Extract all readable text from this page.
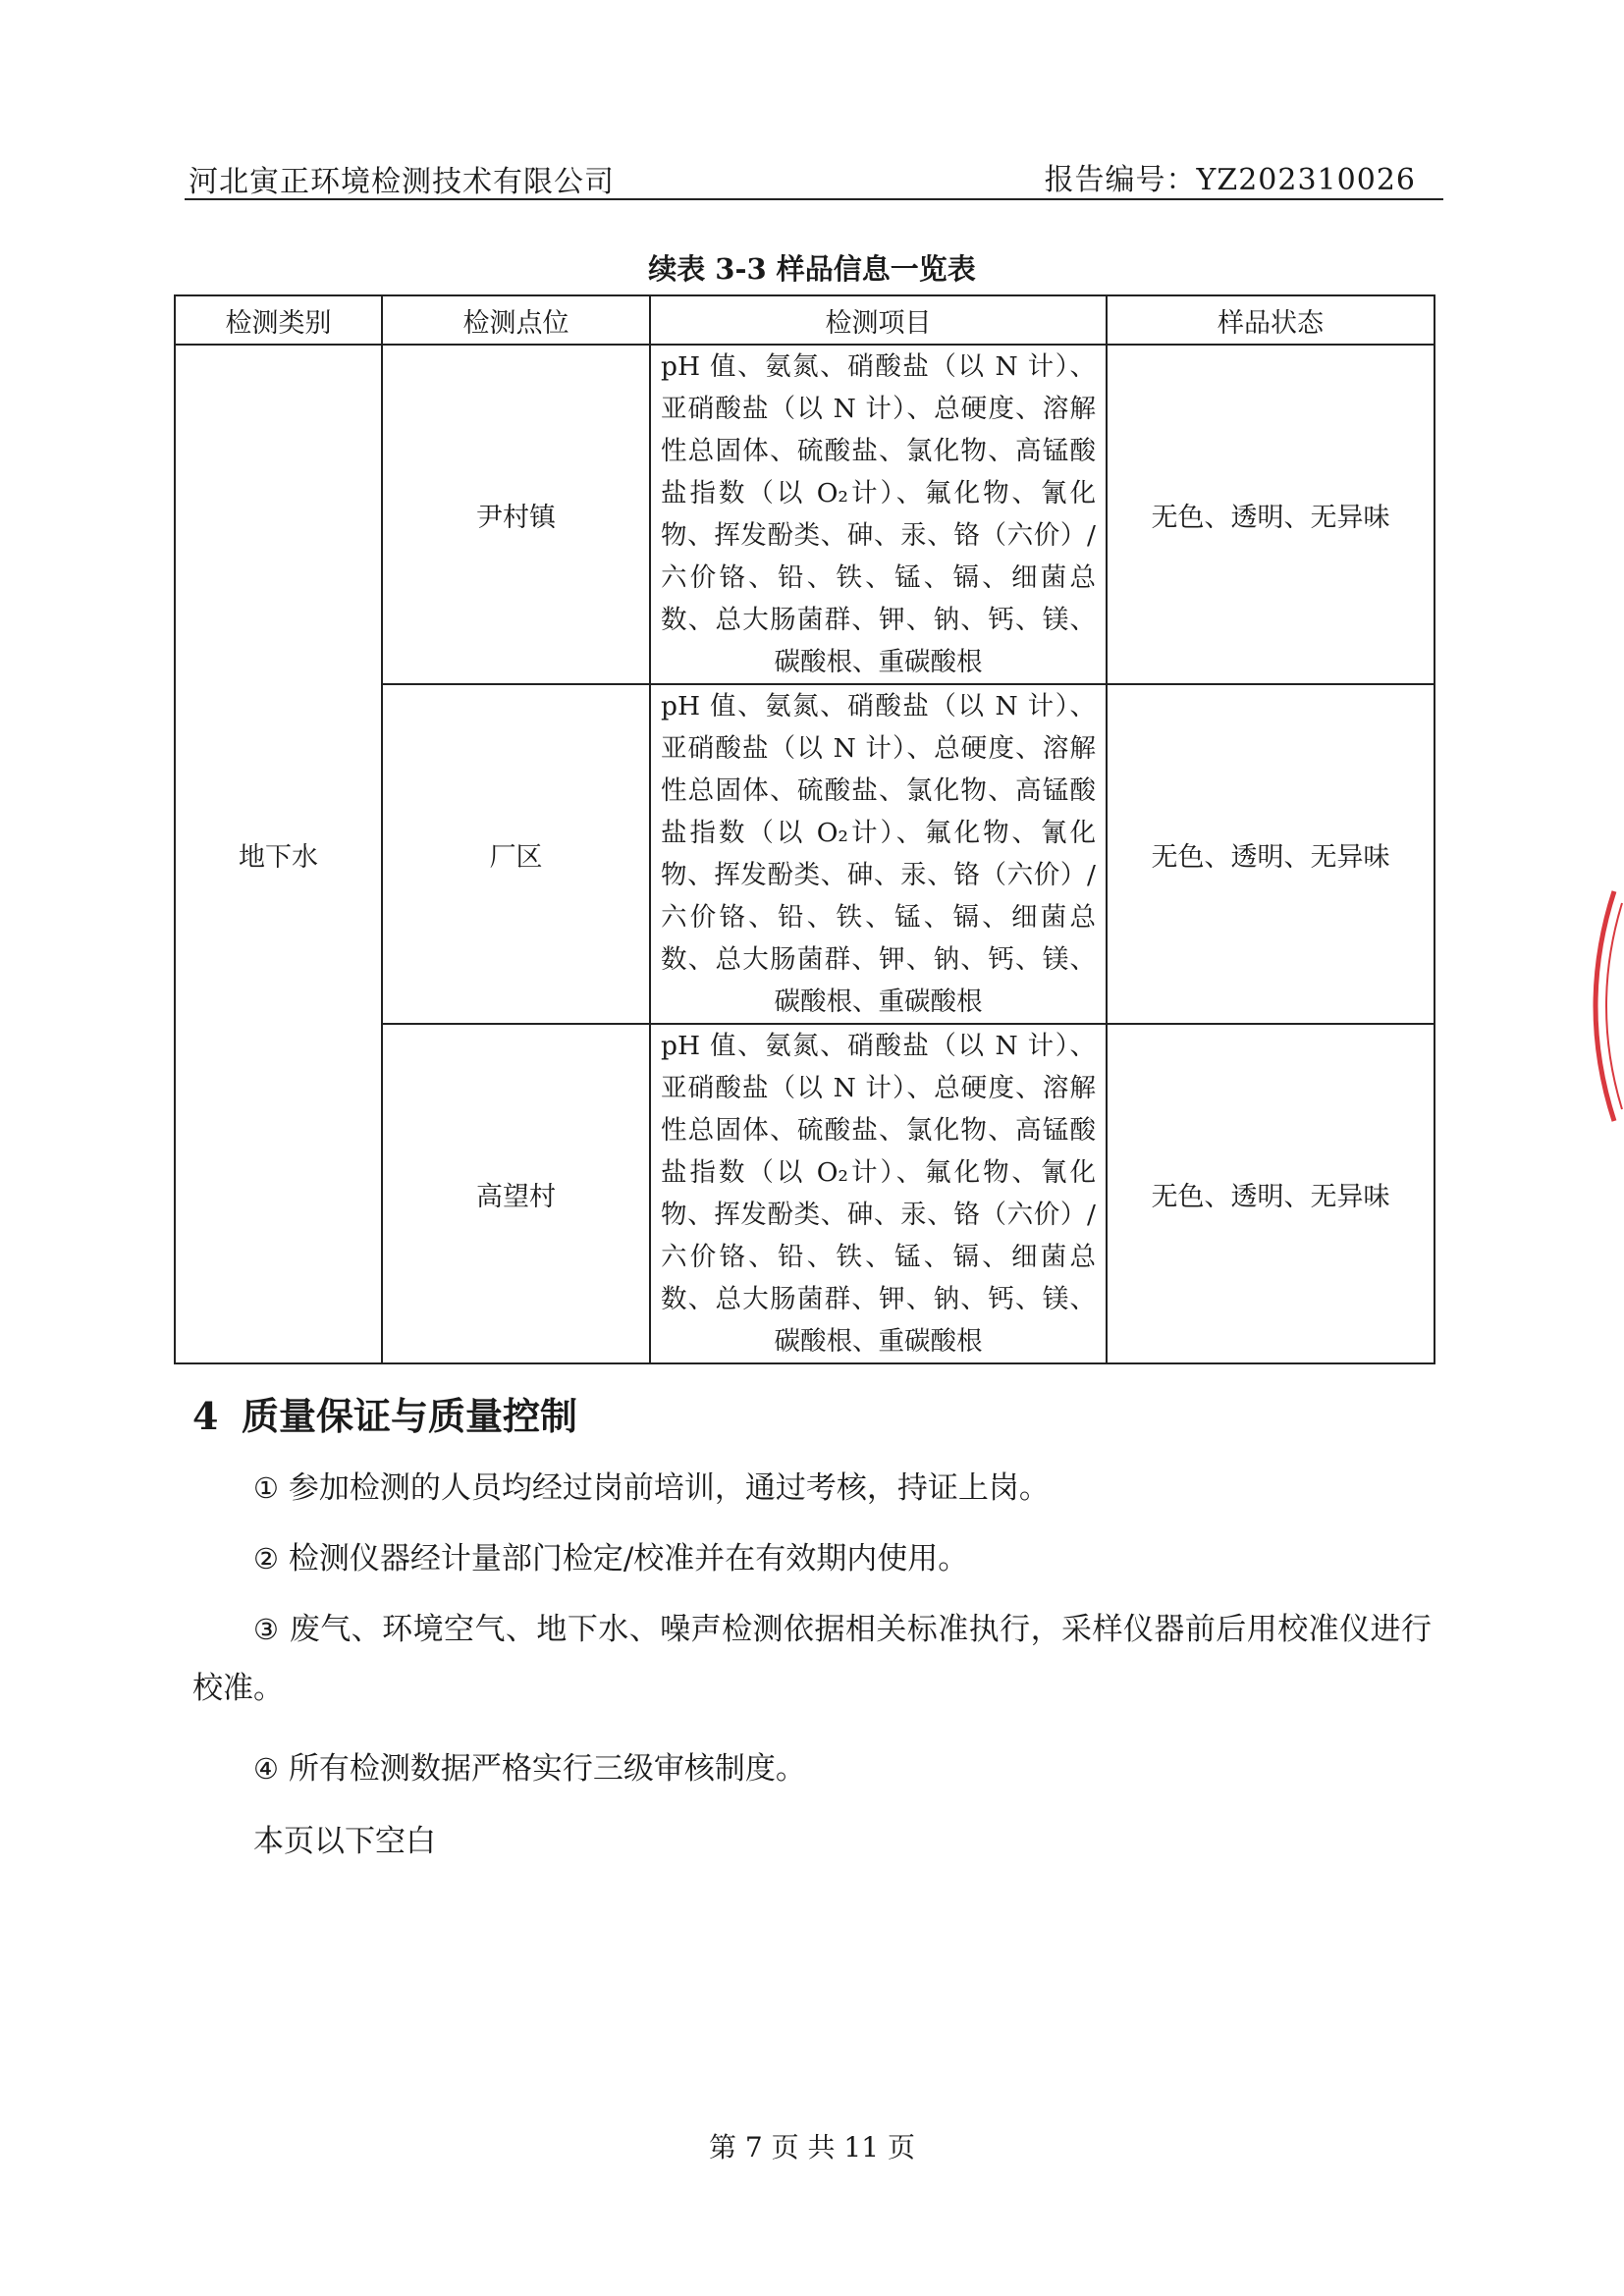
河北寅正环境检测技术有限公司	报告编号：YZ202310026
续表 3-3 样品信息一览表
检测类别	检测点位	检测项目	样品状态
地下水	尹村镇	pH 值、氨氮、硝酸盐（以 N 计）、亚硝酸盐（以 N 计）、总硬度、溶解性总固体、硫酸盐、氯化物、高锰酸盐指数（以 O₂计）、氟化物、氰化物、挥发酚类、砷、汞、铬（六价）/ 六价铬、铅、铁、锰、镉、细菌总数、总大肠菌群、钾、钠、钙、镁、碳酸根、重碳酸根	无色、透明、无异味
	厂区	pH 值、氨氮、硝酸盐（以 N 计）、亚硝酸盐（以 N 计）、总硬度、溶解性总固体、硫酸盐、氯化物、高锰酸盐指数（以 O₂计）、氟化物、氰化物、挥发酚类、砷、汞、铬（六价）/ 六价铬、铅、铁、锰、镉、细菌总数、总大肠菌群、钾、钠、钙、镁、碳酸根、重碳酸根	无色、透明、无异味
	高望村	pH 值、氨氮、硝酸盐（以 N 计）、亚硝酸盐（以 N 计）、总硬度、溶解性总固体、硫酸盐、氯化物、高锰酸盐指数（以 O₂计）、氟化物、氰化物、挥发酚类、砷、汞、铬（六价）/ 六价铬、铅、铁、锰、镉、细菌总数、总大肠菌群、钾、钠、钙、镁、碳酸根、重碳酸根	无色、透明、无异味
4 质量保证与质量控制
① 参加检测的人员均经过岗前培训，通过考核，持证上岗。
② 检测仪器经计量部门检定/校准并在有效期内使用。
③ 废气、环境空气、地下水、噪声检测依据相关标准执行，采样仪器前后用校准仪进行校准。
④ 所有检测数据严格实行三级审核制度。
本页以下空白
第 7 页 共 11 页
